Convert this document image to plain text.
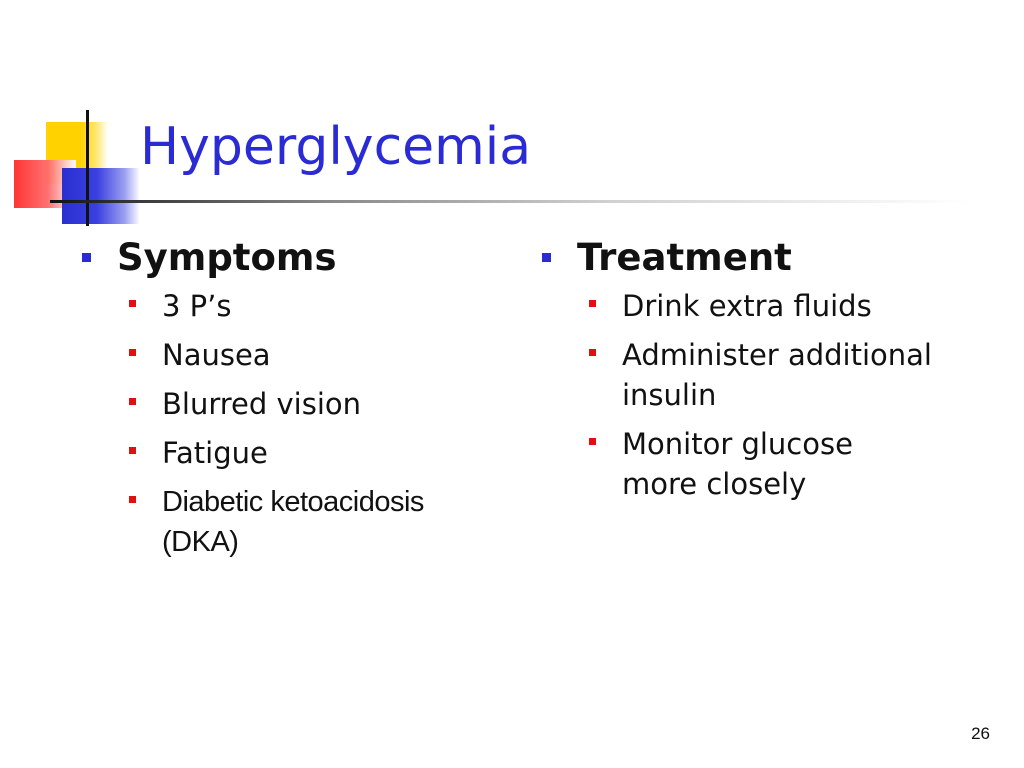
Hyperglycemia
Symptoms
3 P’s
Nausea
Blurred vision
Fatigue
Diabetic ketoacidosis (DKA)
Treatment
Drink extra fluids
Administer additional insulin
Monitor glucose more closely
26
